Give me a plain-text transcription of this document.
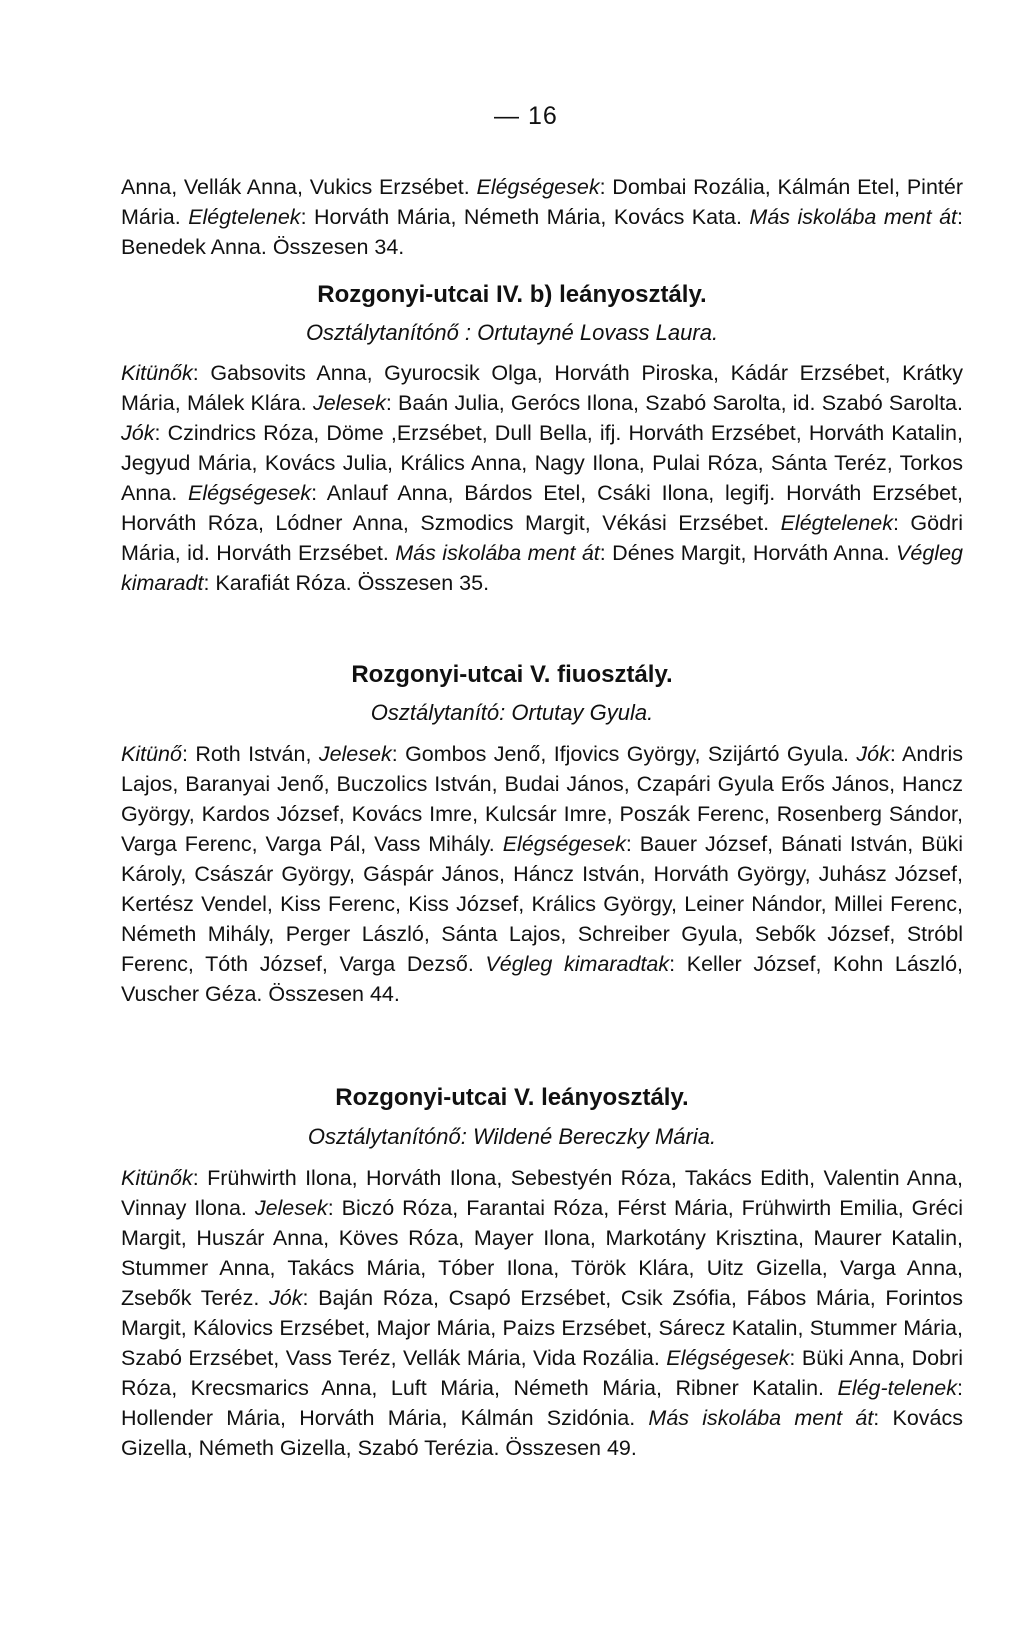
— 16
Anna, Vellák Anna, Vukics Erzsébet. Elégségesek: Dombai Rozália, Kálmán Etel, Pintér Mária. Elégtelenek: Horváth Mária, Németh Mária, Kovács Kata. Más iskolába ment át: Benedek Anna. Összesen 34.
Rozgonyi-utcai IV. b) leányosztály.
Osztálytanítónő : Ortutayné Lovass Laura.
Kitünők: Gabsovits Anna, Gyurocsik Olga, Horváth Piroska, Kádár Erzsébet, Krátky Mária, Málek Klára. Jelesek: Baán Julia, Gerócs Ilona, Szabó Sarolta, id. Szabó Sarolta. Jók: Czindrics Róza, Döme ,Erzsébet, Dull Bella, ifj. Horváth Erzsébet, Horváth Katalin, Jegyud Mária, Kovács Julia, Králics Anna, Nagy Ilona, Pulai Róza, Sánta Teréz, Torkos Anna. Elégségesek: Anlauf Anna, Bárdos Etel, Csáki Ilona, legifj. Horváth Erzsébet, Horváth Róza, Lódner Anna, Szmodics Margit, Vékási Erzsébet. Elégtelenek: Gödri Mária, id. Horváth Erzsébet. Más iskolába ment át: Dénes Margit, Horváth Anna. Végleg kimaradt: Karafiát Róza. Összesen 35.
Rozgonyi-utcai V. fiuosztály.
Osztálytanító: Ortutay Gyula.
Kitünő: Roth István, Jelesek: Gombos Jenő, Ifjovics György, Szijártó Gyula. Jók: Andris Lajos, Baranyai Jenő, Buczolics István, Budai János, Czapári Gyula Erős János, Hancz György, Kardos József, Kovács Imre, Kulcsár Imre, Poszák Ferenc, Rosenberg Sándor, Varga Ferenc, Varga Pál, Vass Mihály. Elégségesek: Bauer József, Bánati István, Büki Károly, Császár György, Gáspár János, Háncz István, Horváth György, Juhász József, Kertész Vendel, Kiss Ferenc, Kiss József, Králics György, Leiner Nándor, Millei Ferenc, Németh Mihály, Perger László, Sánta Lajos, Schreiber Gyula, Sebők József, Stróbl Ferenc, Tóth József, Varga Dezső. Végleg kimaradtak: Keller József, Kohn László, Vuscher Géza. Összesen 44.
Rozgonyi-utcai V. leányosztály.
Osztálytanítónő: Wildené Bereczky Mária.
Kitünők: Frühwirth Ilona, Horváth Ilona, Sebestyén Róza, Takács Edith, Valentin Anna, Vinnay Ilona. Jelesek: Biczó Róza, Farantai Róza, Férst Mária, Frühwirth Emilia, Gréci Margit, Huszár Anna, Köves Róza, Mayer Ilona, Markotány Krisztina, Maurer Katalin, Stummer Anna, Takács Mária, Tóber Ilona, Török Klára, Uitz Gizella, Varga Anna, Zsebők Teréz. Jók: Baján Róza, Csapó Erzsébet, Csik Zsófia, Fábos Mária, Forintos Margit, Kálovics Erzsébet, Major Mária, Paizs Erzsébet, Sárecz Katalin, Stummer Mária, Szabó Erzsébet, Vass Teréz, Vellák Mária, Vida Rozália. Elégségesek: Büki Anna, Dobri Róza, Krecsmarics Anna, Luft Mária, Németh Mária, Ribner Katalin. Elég-telenek: Hollender Mária, Horváth Mária, Kálmán Szidónia. Más iskolába ment át: Kovács Gizella, Németh Gizella, Szabó Terézia. Összesen 49.
